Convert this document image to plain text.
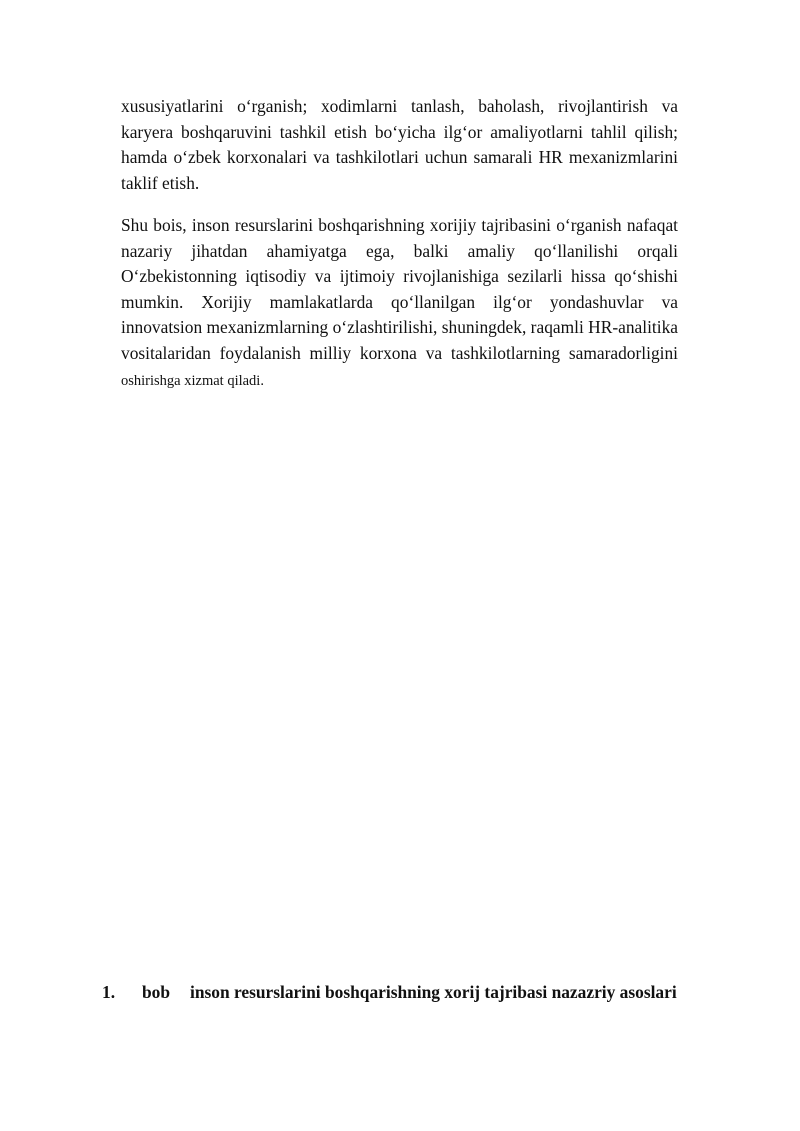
xususiyatlarini o‘rganish; xodimlarni tanlash, baholash, rivojlantirish va karyera boshqaruvini tashkil etish bo‘yicha ilg‘or amaliyotlarni tahlil qilish; hamda o‘zbek korxonalari va tashkilotlari uchun samarali HR mexanizmlarini taklif etish.

Shu bois, inson resurslarini boshqarishning xorijiy tajribasini o‘rganish nafaqat nazariy jihatdan ahamiyatga ega, balki amaliy qo‘llanilishi orqali O‘zbekistonning iqtisodiy va ijtimoiy rivojlanishiga sezilarli hissa qo‘shishi mumkin. Xorijiy mamlakatlarda qo‘llanilgan ilg‘or yondashuvlar va innovatsion mexanizmlarning o‘zlashtirilishi, shuningdek, raqamli HR-analitika vositalaridan foydalanish milliy korxona va tashkilotlarning samaradorligini oshirishga xizmat qiladi.

1. bob inson resurslarini boshqarishning xorij tajribasi nazazriy asoslari
